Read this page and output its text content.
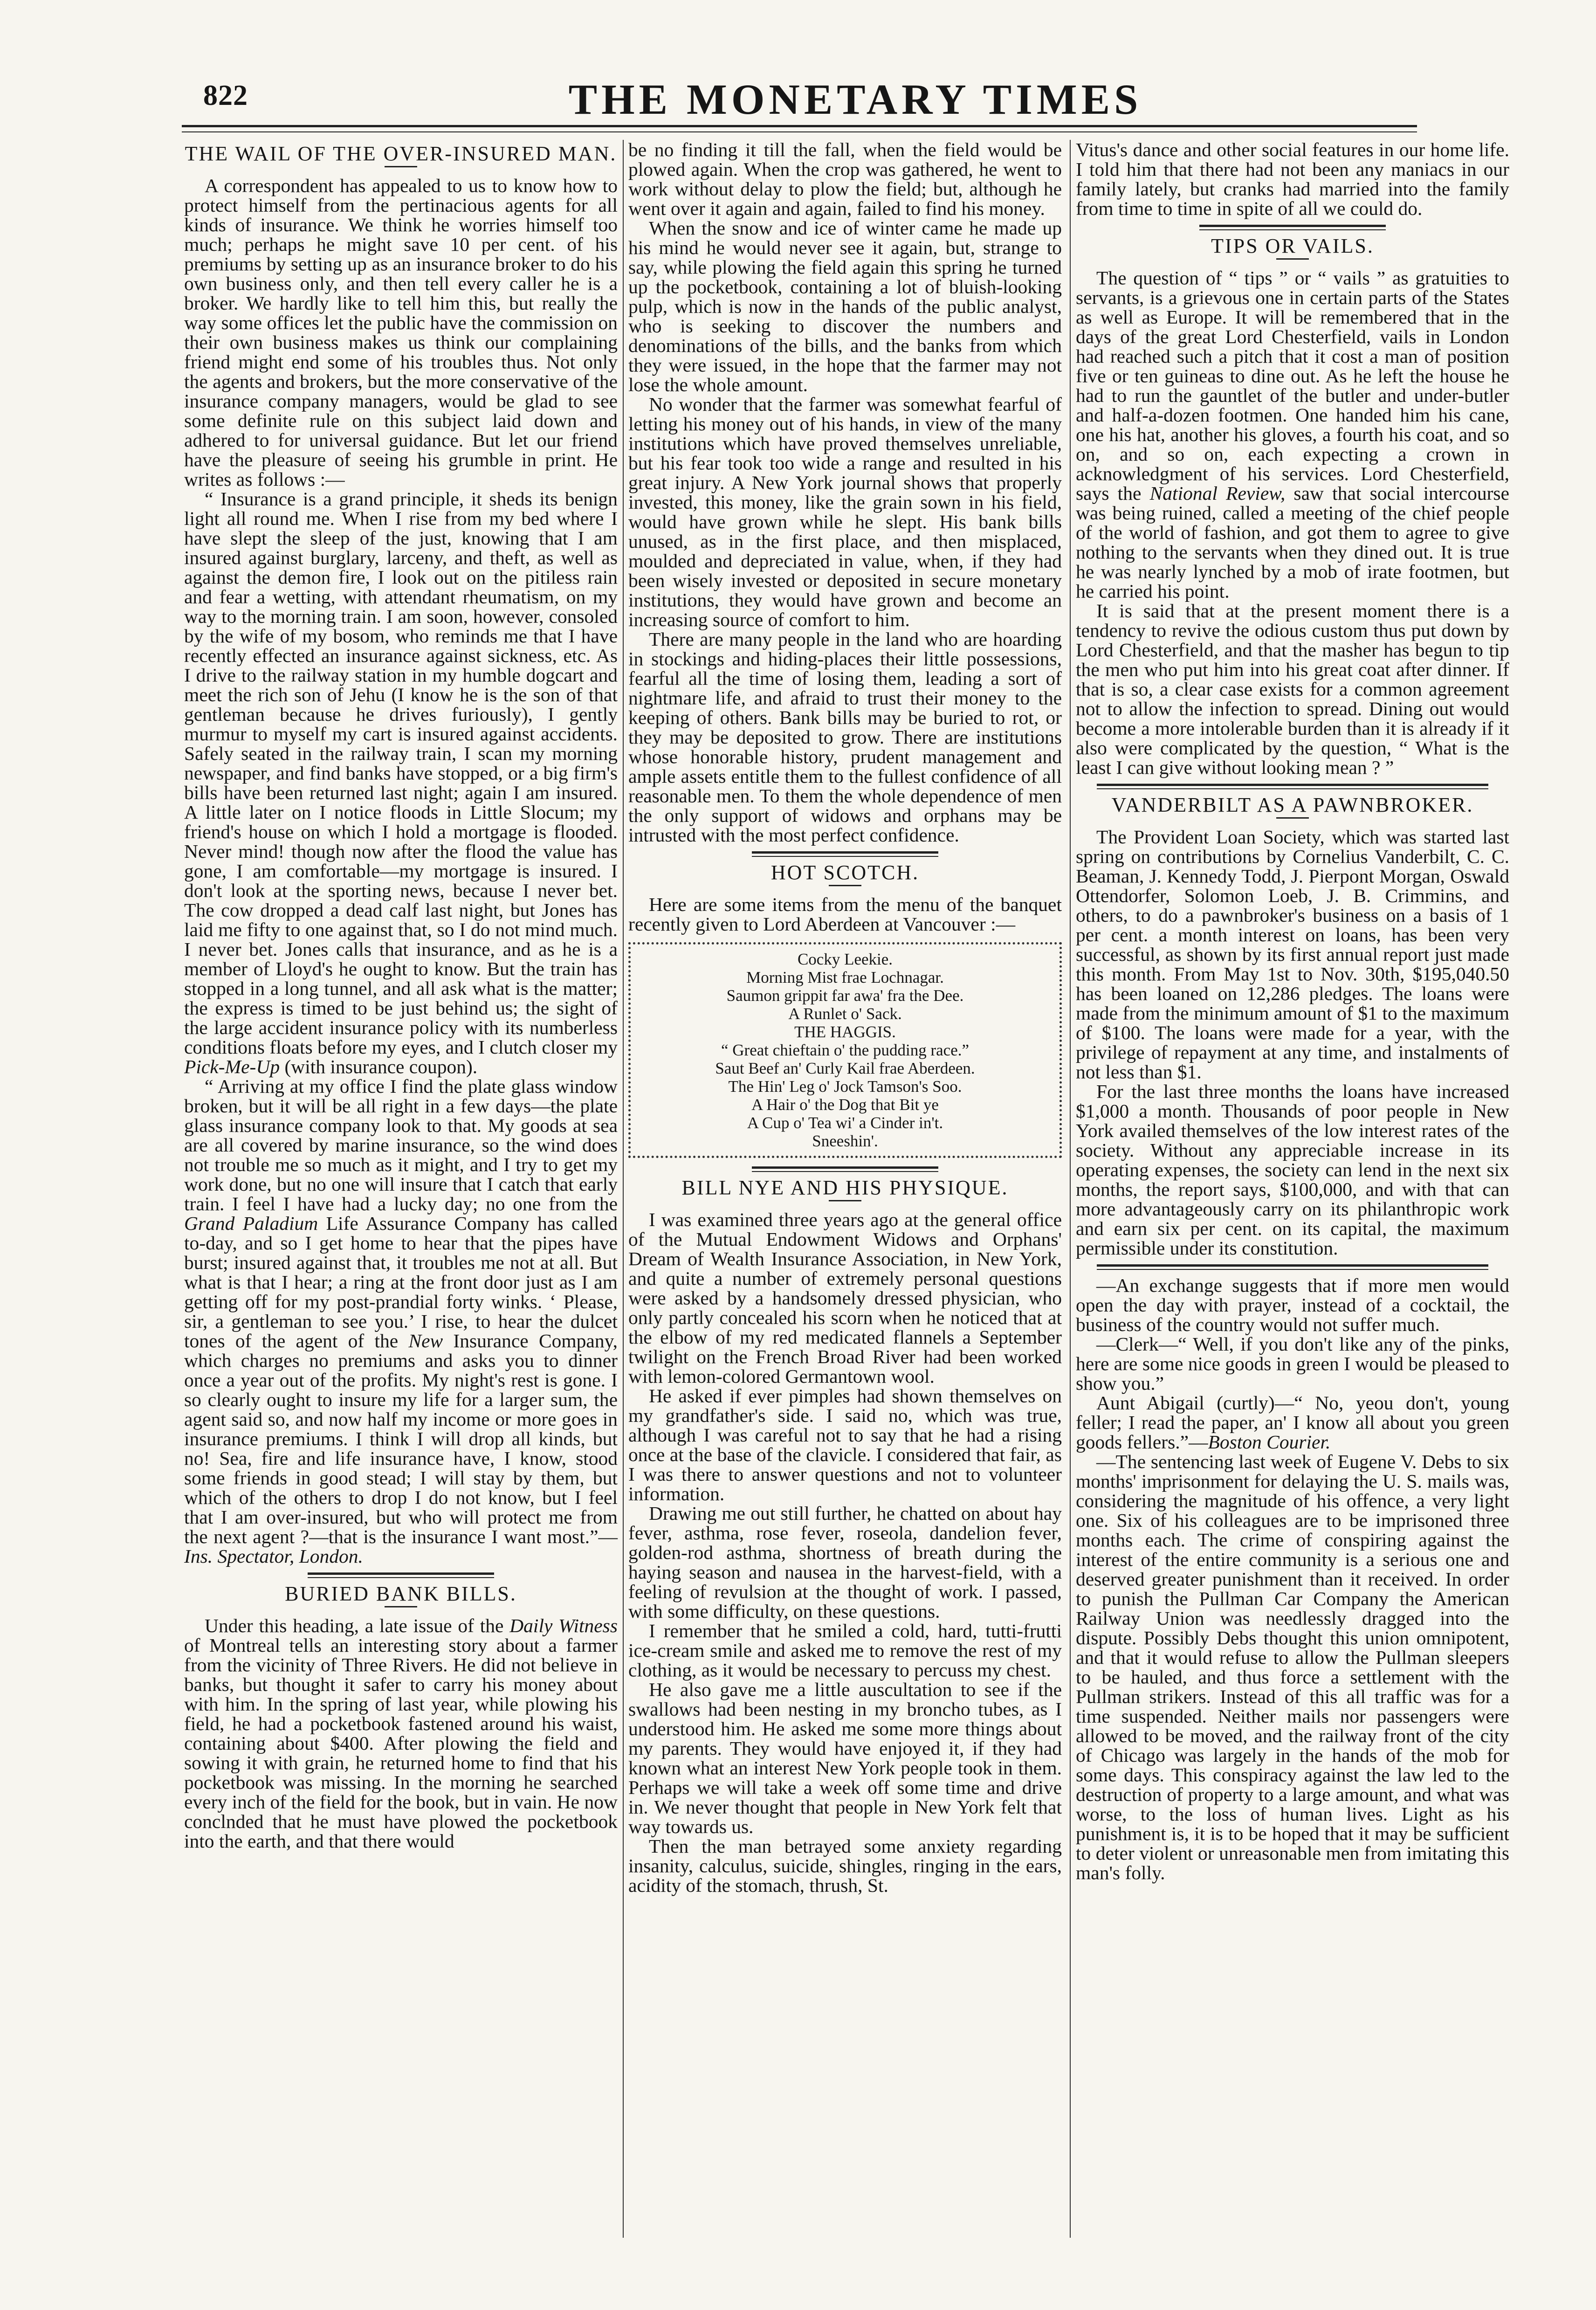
822	THE MONETARY TIMES
THE WAIL OF THE OVER-INSURED MAN.

A correspondent has appealed to us to know how to protect himself from the pertinacious agents for all kinds of insurance. We think he worries himself too much; perhaps he might save 10 per cent. of his premiums by setting up as an insurance broker to do his own business only, and then tell every caller he is a broker. We hardly like to tell him this, but really the way some offices let the public have the commission on their own business makes us think our complaining friend might end some of his troubles thus. Not only the agents and brokers, but the more conservative of the insurance company managers, would be glad to see some definite rule on this subject laid down and adhered to for universal guidance. But let our friend have the pleasure of seeing his grumble in print. He writes as follows :—

“ Insurance is a grand principle, it sheds its benign light all round me. When I rise from my bed where I have slept the sleep of the just, knowing that I am insured against burglary, larceny, and theft, as well as against the demon fire, I look out on the pitiless rain and fear a wetting, with attendant rheumatism, on my way to the morning train. I am soon, however, consoled by the wife of my bosom, who reminds me that I have recently effected an insurance against sickness, etc. As I drive to the railway station in my humble dogcart and meet the rich son of Jehu (I know he is the son of that gentleman because he drives furiously), I gently murmur to myself my cart is insured against accidents. Safely seated in the railway train, I scan my morning newspaper, and find banks have stopped, or a big firm's bills have been returned last night; again I am insured. A little later on I notice floods in Little Slocum; my friend's house on which I hold a mortgage is flooded. Never mind! though now after the flood the value has gone, I am comfortable—my mortgage is insured. I don't look at the sporting news, because I never bet. The cow dropped a dead calf last night, but Jones has laid me fifty to one against that, so I do not mind much. I never bet. Jones calls that insurance, and as he is a member of Lloyd's he ought to know. But the train has stopped in a long tunnel, and all ask what is the matter; the express is timed to be just behind us; the sight of the large accident insurance policy with its numberless conditions floats before my eyes, and I clutch closer my Pick-Me-Up (with insurance coupon).

“ Arriving at my office I find the plate glass window broken, but it will be all right in a few days—the plate glass insurance company look to that. My goods at sea are all covered by marine insurance, so the wind does not trouble me so much as it might, and I try to get my work done, but no one will insure that I catch that early train. I feel I have had a lucky day; no one from the Grand Paladium Life Assurance Company has called to-day, and so I get home to hear that the pipes have burst; insured against that, it troubles me not at all. But what is that I hear; a ring at the front door just as I am getting off for my post-prandial forty winks. ‘ Please, sir, a gentleman to see you.’ I rise, to hear the dulcet tones of the agent of the New Insurance Company, which charges no premiums and asks you to dinner once a year out of the profits. My night's rest is gone. I so clearly ought to insure my life for a larger sum, the agent said so, and now half my income or more goes in insurance premiums. I think I will drop all kinds, but no! Sea, fire and life insurance have, I know, stood some friends in good stead; I will stay by them, but which of the others to drop I do not know, but I feel that I am over-insured, but who will protect me from the next agent ?—that is the insurance I want most.”—Ins. Spectator, London.

BURIED BANK BILLS.

Under this heading, a late issue of the Daily Witness of Montreal tells an interesting story about a farmer from the vicinity of Three Rivers. He did not believe in banks, but thought it safer to carry his money about with him. In the spring of last year, while plowing his field, he had a pocketbook fastened around his waist, containing about $400. After plowing the field and sowing it with grain, he returned home to find that his pocketbook was missing. In the morning he searched every inch of the field for the book, but in vain. He now conclnded that he must have plowed the pocketbook into the earth, and that there would

be no finding it till the fall, when the field would be plowed again. When the crop was gathered, he went to work without delay to plow the field; but, although he went over it again and again, failed to find his money.

When the snow and ice of winter came he made up his mind he would never see it again, but, strange to say, while plowing the field again this spring he turned up the pocketbook, containing a lot of bluish-looking pulp, which is now in the hands of the public analyst, who is seeking to discover the numbers and denominations of the bills, and the banks from which they were issued, in the hope that the farmer may not lose the whole amount.

No wonder that the farmer was somewhat fearful of letting his money out of his hands, in view of the many institutions which have proved themselves unreliable, but his fear took too wide a range and resulted in his great injury. A New York journal shows that properly invested, this money, like the grain sown in his field, would have grown while he slept. His bank bills unused, as in the first place, and then misplaced, moulded and depreciated in value, when, if they had been wisely invested or deposited in secure monetary institutions, they would have grown and become an increasing source of comfort to him.

There are many people in the land who are hoarding in stockings and hiding-places their little possessions, fearful all the time of losing them, leading a sort of nightmare life, and afraid to trust their money to the keeping of others. Bank bills may be buried to rot, or they may be deposited to grow. There are institutions whose honorable history, prudent management and ample assets entitle them to the fullest confidence of all reasonable men. To them the whole dependence of men the only support of widows and orphans may be intrusted with the most perfect confidence.

HOT SCOTCH.

Here are some items from the menu of the banquet recently given to Lord Aberdeen at Vancouver :—

Cocky Leekie.
Morning Mist frae Lochnagar.
Saumon grippit far awa' fra the Dee.
A Runlet o' Sack.
THE HAGGIS.
“ Great chieftain o' the pudding race.”
Saut Beef an' Curly Kail frae Aberdeen.
The Hin' Leg o' Jock Tamson's Soo.
A Hair o' the Dog that Bit ye
A Cup o' Tea wi' a Cinder in't.
Sneeshin'.
BILL NYE AND HIS PHYSIQUE.

I was examined three years ago at the general office of the Mutual Endowment Widows and Orphans' Dream of Wealth Insurance Association, in New York, and quite a number of extremely personal questions were asked by a handsomely dressed physician, who only partly concealed his scorn when he noticed that at the elbow of my red medicated flannels a September twilight on the French Broad River had been worked with lemon-colored Germantown wool.

He asked if ever pimples had shown themselves on my grandfather's side. I said no, which was true, although I was careful not to say that he had a rising once at the base of the clavicle. I considered that fair, as I was there to answer questions and not to volunteer information.

Drawing me out still further, he chatted on about hay fever, asthma, rose fever, roseola, dandelion fever, golden-rod asthma, shortness of breath during the haying season and nausea in the harvest-field, with a feeling of revulsion at the thought of work. I passed, with some difficulty, on these questions.

I remember that he smiled a cold, hard, tutti-frutti ice-cream smile and asked me to remove the rest of my clothing, as it would be necessary to percuss my chest.

He also gave me a little auscultation to see if the swallows had been nesting in my broncho tubes, as I understood him. He asked me some more things about my parents. They would have enjoyed it, if they had known what an interest New York people took in them. Perhaps we will take a week off some time and drive in. We never thought that people in New York felt that way towards us.

Then the man betrayed some anxiety regarding insanity, calculus, suicide, shingles, ringing in the ears, acidity of the stomach, thrush, St.

Vitus's dance and other social features in our home life. I told him that there had not been any maniacs in our family lately, but cranks had married into the family from time to time in spite of all we could do.

TIPS OR VAILS.

The question of “ tips ” or “ vails ” as gratuities to servants, is a grievous one in certain parts of the States as well as Europe. It will be remembered that in the days of the great Lord Chesterfield, vails in London had reached such a pitch that it cost a man of position five or ten guineas to dine out. As he left the house he had to run the gauntlet of the butler and under-butler and half-a-dozen footmen. One handed him his cane, one his hat, another his gloves, a fourth his coat, and so on, and so on, each expecting a crown in acknowledgment of his services. Lord Chesterfield, says the National Review, saw that social intercourse was being ruined, called a meeting of the chief people of the world of fashion, and got them to agree to give nothing to the servants when they dined out. It is true he was nearly lynched by a mob of irate footmen, but he carried his point.

It is said that at the present moment there is a tendency to revive the odious custom thus put down by Lord Chesterfield, and that the masher has begun to tip the men who put him into his great coat after dinner. If that is so, a clear case exists for a common agreement not to allow the infection to spread. Dining out would become a more intolerable burden than it is already if it also were complicated by the question, “ What is the least I can give without looking mean ? ”

VANDERBILT AS A PAWNBROKER.

The Provident Loan Society, which was started last spring on contributions by Cornelius Vanderbilt, C. C. Beaman, J. Kennedy Todd, J. Pierpont Morgan, Oswald Ottendorfer, Solomon Loeb, J. B. Crimmins, and others, to do a pawnbroker's business on a basis of 1 per cent. a month interest on loans, has been very successful, as shown by its first annual report just made this month. From May 1st to Nov. 30th, $195,040.50 has been loaned on 12,286 pledges. The loans were made from the minimum amount of $1 to the maximum of $100. The loans were made for a year, with the privilege of repayment at any time, and instalments of not less than $1.

For the last three months the loans have increased $1,000 a month. Thousands of poor people in New York availed themselves of the low interest rates of the society. Without any appreciable increase in its operating expenses, the society can lend in the next six months, the report says, $100,000, and with that can more advantageously carry on its philanthropic work and earn six per cent. on its capital, the maximum permissible under its constitution.

—An exchange suggests that if more men would open the day with prayer, instead of a cocktail, the business of the country would not suffer much.

—Clerk—“ Well, if you don't like any of the pinks, here are some nice goods in green I would be pleased to show you.”

Aunt Abigail (curtly)—“ No, yeou don't, young feller; I read the paper, an' I know all about you green goods fellers.”—Boston Courier.

—The sentencing last week of Eugene V. Debs to six months' imprisonment for delaying the U. S. mails was, considering the magnitude of his offence, a very light one. Six of his colleagues are to be imprisoned three months each. The crime of conspiring against the interest of the entire community is a serious one and deserved greater punishment than it received. In order to punish the Pullman Car Company the American Railway Union was needlessly dragged into the dispute. Possibly Debs thought this union omnipotent, and that it would refuse to allow the Pullman sleepers to be hauled, and thus force a settlement with the Pullman strikers. Instead of this all traffic was for a time suspended. Neither mails nor passengers were allowed to be moved, and the railway front of the city of Chicago was largely in the hands of the mob for some days. This conspiracy against the law led to the destruction of property to a large amount, and what was worse, to the loss of human lives. Light as his punishment is, it is to be hoped that it may be sufficient to deter violent or unreasonable men from imitating this man's folly.
